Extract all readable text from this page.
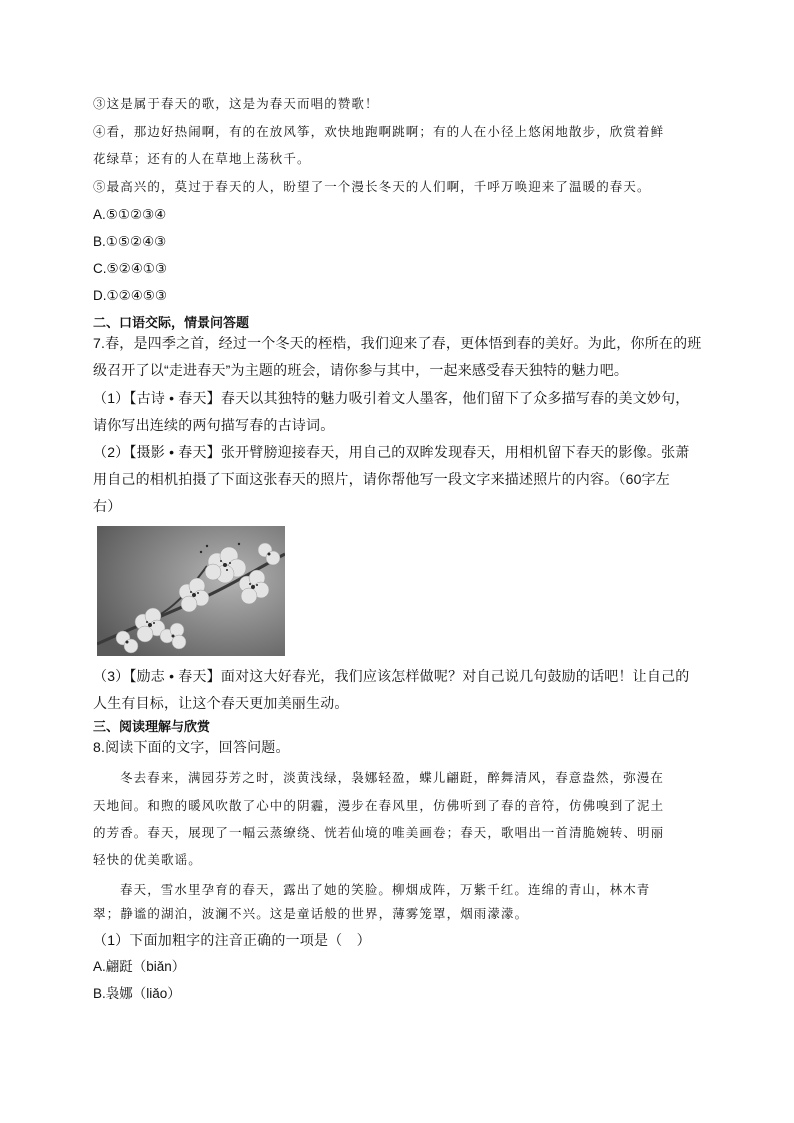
③这是属于春天的歌，这是为春天而唱的赞歌！
④看，那边好热闹啊，有的在放风筝，欢快地跑啊跳啊；有的人在小径上悠闲地散步，欣赏着鲜
花绿草；还有的人在草地上荡秋千。
⑤最高兴的，莫过于春天的人，盼望了一个漫长冬天的人们啊，千呼万唤迎来了温暖的春天。
A.⑤①②③④
B.①⑤②④③
C.⑤②④①③
D.①②④⑤③
二、口语交际，情景问答题
7.春，是四季之首，经过一个冬天的桎梏，我们迎来了春，更体悟到春的美好。为此，你所在的班
级召开了以“走进春天”为主题的班会，请你参与其中，一起来感受春天独特的魅力吧。
（1）【古诗 • 春天】春天以其独特的魅力吸引着文人墨客，他们留下了众多描写春的美文妙句，
请你写出连续的两句描写春的古诗词。
（2）【摄影 • 春天】张开臂膀迎接春天，用自己的双眸发现春天，用相机留下春天的影像。张萧
用自己的相机拍摄了下面这张春天的照片，请你帮他写一段文字来描述照片的内容。（60字左
右）
（3）【励志 • 春天】面对这大好春光，我们应该怎样做呢？对自己说几句鼓励的话吧！让自己的
人生有目标，让这个春天更加美丽生动。
三、阅读理解与欣赏
8.阅读下面的文字，回答问题。
冬去春来，满园芬芳之时，淡黄浅绿，袅娜轻盈，蝶儿翩跹，醉舞清风，春意盎然，弥漫在
天地间。和煦的暖风吹散了心中的阴霾，漫步在春风里，仿佛听到了春的音符，仿佛嗅到了泥土
的芳香。春天，展现了一幅云蒸缭绕、恍若仙境的唯美画卷；春天，歌唱出一首清脆婉转、明丽
轻快的优美歌谣。
春天，雪水里孕育的春天，露出了她的笑脸。柳烟成阵，万紫千红。连绵的青山，林木青
翠；静谧的湖泊，波澜不兴。这是童话般的世界，薄雾笼罩，烟雨濛濛。
（1）下面加粗字的注音正确的一项是（　）
A.翩跹（biǎn）
B.袅娜（liǎo）
